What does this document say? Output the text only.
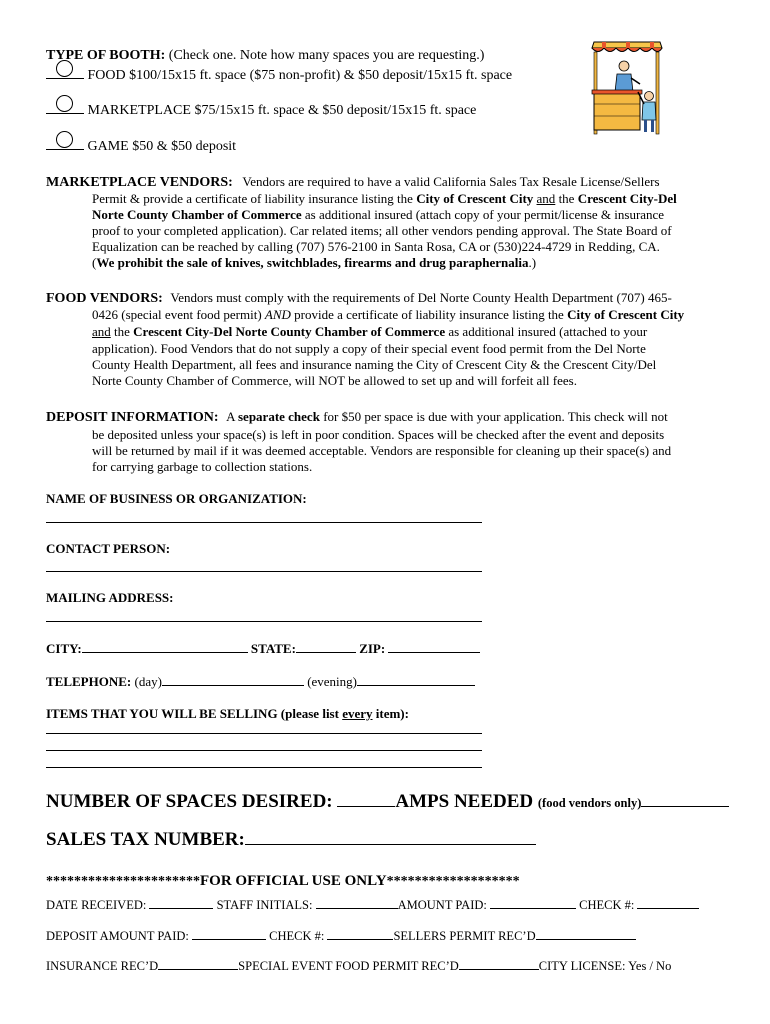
TYPE OF BOOTH: (Check one. Note how many spaces you are requesting.)
FOOD $100/15x15 ft. space ($75 non-profit) & $50 deposit/15x15 ft. space
MARKETPLACE $75/15x15 ft. space & $50 deposit/15x15 ft. space
GAME $50 & $50 deposit
MARKETPLACE VENDORS: Vendors are required to have a valid California Sales Tax Resale License/Sellers
Permit & provide a certificate of liability insurance listing the City of Crescent City and the Crescent City-Del
Norte County Chamber of Commerce as additional insured (attach copy of your permit/license & insurance
proof to your completed application). Car related items; all other vendors pending approval. The State Board of
Equalization can be reached by calling (707) 576-2100 in Santa Rosa, CA or (530)224-4729 in Redding, CA.
(We prohibit the sale of knives, switchblades, firearms and drug paraphernalia.)
FOOD VENDORS: Vendors must comply with the requirements of Del Norte County Health Department (707) 465-
0426 (special event food permit) AND provide a certificate of liability insurance listing the City of Crescent City
and the Crescent City-Del Norte County Chamber of Commerce as additional insured (attached to your
application). Food Vendors that do not supply a copy of their special event food permit from the Del Norte
County Health Department, all fees and insurance naming the City of Crescent City & the Crescent City/Del
Norte County Chamber of Commerce, will NOT be allowed to set up and will forfeit all fees.
DEPOSIT INFORMATION: A separate check for $50 per space is due with your application. This check will not
be deposited unless your space(s) is left in poor condition. Spaces will be checked after the event and deposits
will be returned by mail if it was deemed acceptable. Vendors are responsible for cleaning up their space(s) and
for carrying garbage to collection stations.
NAME OF BUSINESS OR ORGANIZATION:
CONTACT PERSON:
MAILING ADDRESS:
CITY:	STATE:	ZIP:
TELEPHONE: (day)	(evening)
ITEMS THAT YOU WILL BE SELLING (please list every item):
NUMBER OF SPACES DESIRED:	AMPS NEEDED (food vendors only)
SALES TAX NUMBER:
**********************FOR OFFICIAL USE ONLY*******************
DATE RECEIVED:	STAFF INITIALS:	AMOUNT PAID:	CHECK #:
DEPOSIT AMOUNT PAID:	CHECK #:	SELLERS PERMIT REC’D
INSURANCE REC’D	SPECIAL EVENT FOOD PERMIT REC’D	CITY LICENSE: Yes / No
